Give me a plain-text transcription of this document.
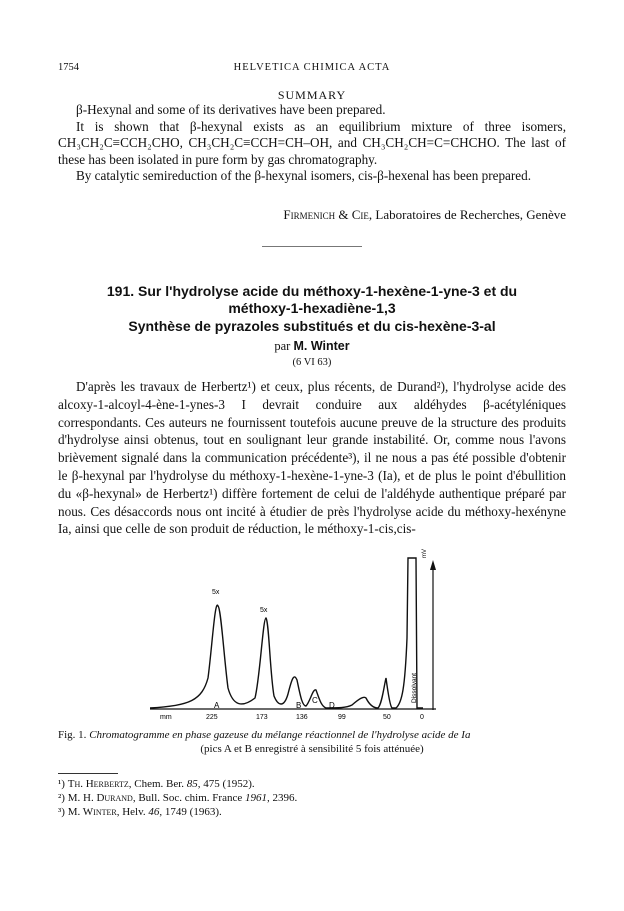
1754	HELVETICA CHIMICA ACTA
SUMMARY

β-Hexynal and some of its derivatives have been prepared.

It is shown that β-hexynal exists as an equilibrium mixture of three isomers, CH₃CH₂C≡CCH₂CHO, CH₃CH₂C≡CCH=CH–OH, and CH₃CH₂CH=C=CHCHO. The last of these has been isolated in pure form by gas chromatography.

By catalytic semireduction of the β-hexynal isomers, cis-β-hexenal has been prepared.

Firmenich & Cie, Laboratoires de Recherches, Genève
191. Sur l'hydrolyse acide du méthoxy-1-hexène-1-yne-3 et du
méthoxy-1-hexadiène-1,3
Synthèse de pyrazoles substitués et du cis-hexène-3-al
par M. Winter
(6 VI 63)

D'après les travaux de Herbertz¹) et ceux, plus récents, de Durand²), l'hydrolyse acide des alcoxy-1-alcoyl-4-ène-1-ynes-3 I devrait conduire aux aldéhydes β-acétyléniques correspondants. Ces auteurs ne fournissent toutefois aucune preuve de la structure des produits d'hydrolyse ainsi obtenus, tout en soulignant leur grande instabilité. Or, comme nous l'avons brièvement signalé dans la communication précédente³), il ne nous a pas été possible d'obtenir le β-hexynal par l'hydrolyse du méthoxy-1-hexène-1-yne-3 (Ia), et de plus le point d'ébullition du «β-hexynal» de Herbertz¹) diffère fortement de celui de l'aldéhyde authentique préparé par nous. Ces désaccords nous ont incité à étudier de près l'hydrolyse acide du méthoxy-hexényne Ia, ainsi que celle de son produit de réduction, le méthoxy-1-cis,cis-

mV
mm	225	173	136	99	50	0
5x
5x
A	B
C
D
Dissolvant
Fig. 1. Chromatogramme en phase gazeuse du mélange réactionnel de l'hydrolyse acide de Ia
(pics A et B enregistré à sensibilité 5 fois atténuée)
¹) Th. Herbertz, Chem. Ber. 85, 475 (1952).
²) M. H. Durand, Bull. Soc. chim. France 1961, 2396.
³) M. Winter, Helv. 46, 1749 (1963).
